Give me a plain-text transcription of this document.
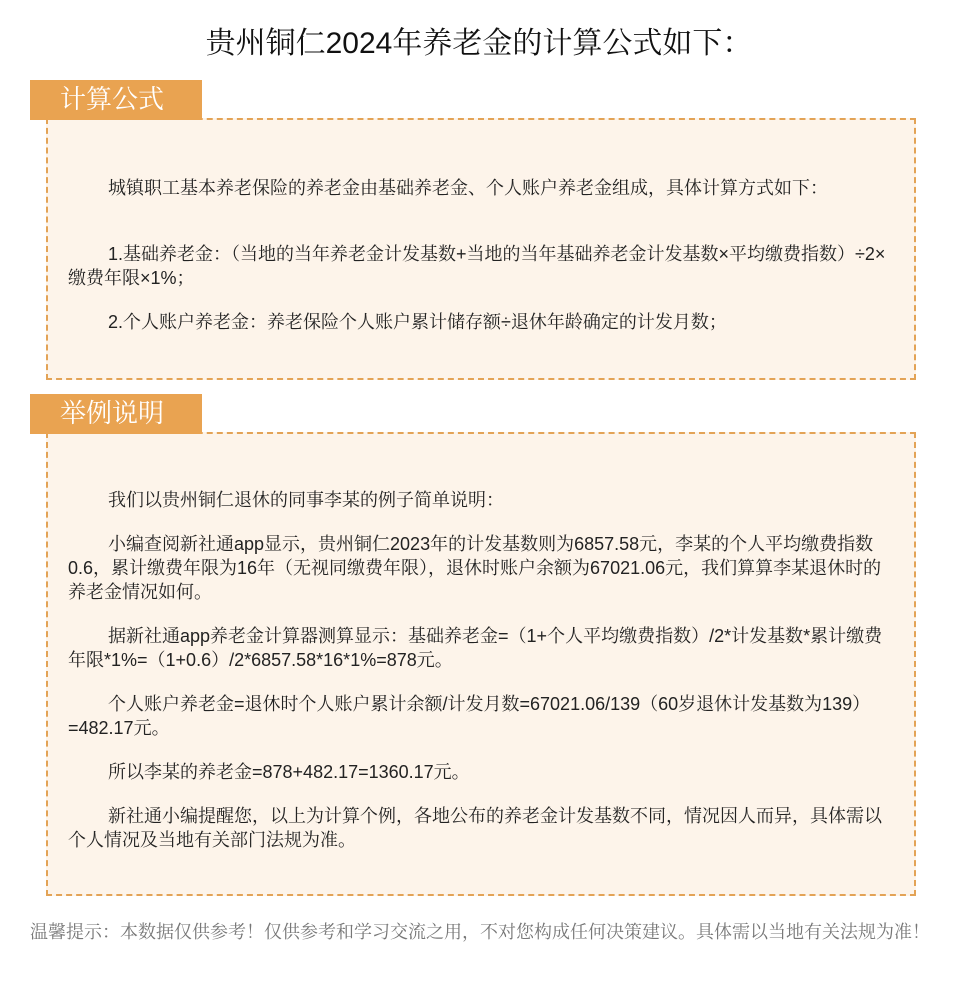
贵州铜仁2024年养老金的计算公式如下：

城镇职工基本养老保险的养老金由基础养老金、个人账户养老金组成，具体计算方式如下：

1.基础养老金：（当地的当年养老金计发基数+当地的当年基础养老金计发基数×平均缴费指数）÷2×缴费年限×1%；

2.个人账户养老金：养老保险个人账户累计储存额÷退休年龄确定的计发月数；

计算公式

我们以贵州铜仁退休的同事李某的例子简单说明：

小编查阅新社通app显示，贵州铜仁2023年的计发基数则为6857.58元，李某的个人平均缴费指数0.6，累计缴费年限为16年（无视同缴费年限），退休时账户余额为67021.06元，我们算算李某退休时的养老金情况如何。

据新社通app养老金计算器测算显示：基础养老金=（1+个人平均缴费指数）/2*计发基数*累计缴费年限*1%=（1+0.6）/2*6857.58*16*1%=878元。

个人账户养老金=退休时个人账户累计余额/计发月数=67021.06/139（60岁退休计发基数为139）=482.17元。

所以李某的养老金=878+482.17=1360.17元。

新社通小编提醒您，以上为计算个例，各地公布的养老金计发基数不同，情况因人而异，具体需以个人情况及当地有关部门法规为准。

举例说明
温馨提示：本数据仅供参考！仅供参考和学习交流之用，不对您构成任何决策建议。具体需以当地有关法规为准！
